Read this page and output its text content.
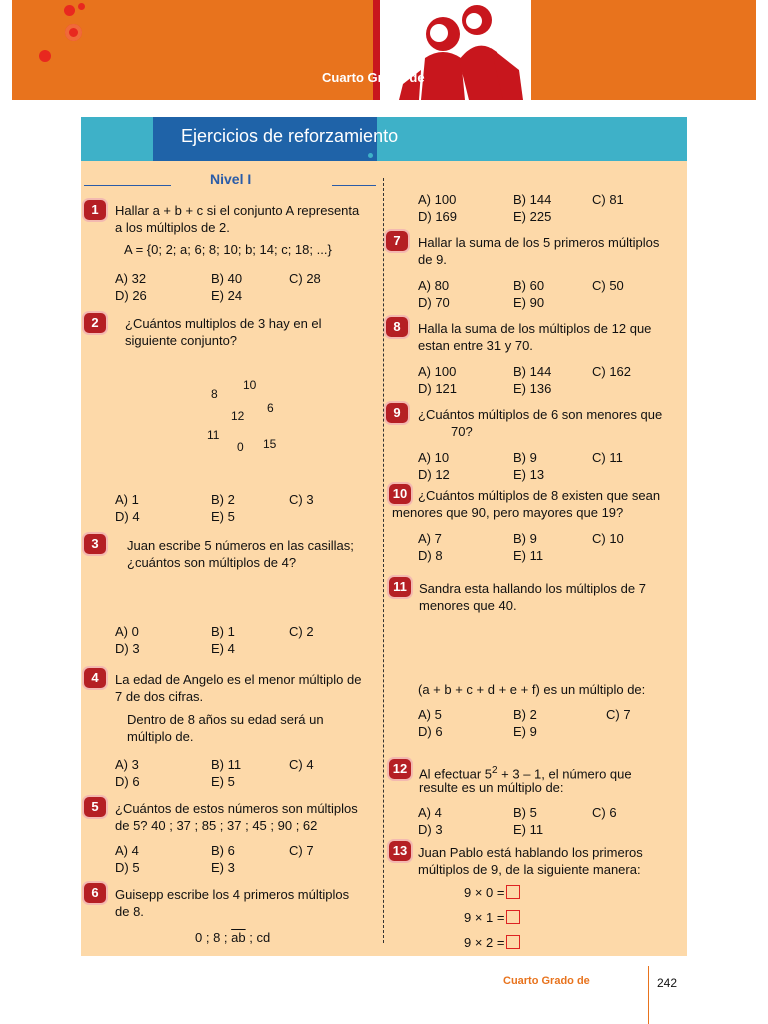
Cuarto Grado de
Ejercicios de reforzamiento
Nivel I
1	Hallar a + b + c si el conjunto A representa
a los múltiplos de 2.
A = {0; 2; a; 6; 8; 10; b; 14; c; 18; ...}
A) 32	B) 40	C) 28
D) 26	E) 24
2	¿Cuántos multiplos de 3 hay en el
siguiente conjunto?
8
10
6
12
11
0 15
A) 1	B) 2	C) 3
D) 4	E) 5
3	Juan escribe 5 números en las casillas;
¿cuántos son múltiplos de 4?
A) 0	B) 1	C) 2
D) 3	E) 4
4	La edad de Angelo es el menor múltiplo de
7 de dos cifras.
Dentro de 8 años su edad será un
múltiplo de.
A) 3	B) 11	C) 4
D) 6	E) 5
5	¿Cuántos de estos números son múltiplos
de 5? 40 ; 37 ; 85 ; 37 ; 45 ; 90 ; 62
A) 4	B) 6	C) 7
D) 5	E) 3
6	Guisepp escribe los 4 primeros múltiplos
de 8.
0 ; 8 ; $\overline{ab}$ ; cd
A) 100	B) 144	C) 81
D) 169	E) 225
7	Hallar la suma de los 5 primeros múltiplos
de 9.
A) 80	B) 60	C) 50
D) 70	E) 90
8	Halla la suma de los múltiplos de 12 que
estan entre 31 y 70.
A) 100	B) 144	C) 162
D) 121	E) 136
9	¿Cuántos múltiplos de 6 son menores que
70?
A) 10	B) 9	C) 11
D) 12	E) 13
10 ¿Cuántos múltiplos de 8 existen que sean
menores que 90, pero mayores que 19?
A) 7	B) 9	C) 10
D) 8	E) 11
11 Sandra esta hallando los múltiplos de 7
menores que 40.
(a + b + c + d + e + f) es un múltiplo de:
A) 5	B) 2	C) 7
D) 6	E) 9
12 Al efectuar $5^2 + 3 - 1$, el número que
resulte es un múltiplo de:
A) 4	B) 5	C) 6
D) 3	E) 11
13 Juan Pablo está hablando los primeros
múltiplos de 9, de la siguiente manera:
9 × 0 =
9 × 1 =
9 × 2 =
Cuarto Grado de	242
